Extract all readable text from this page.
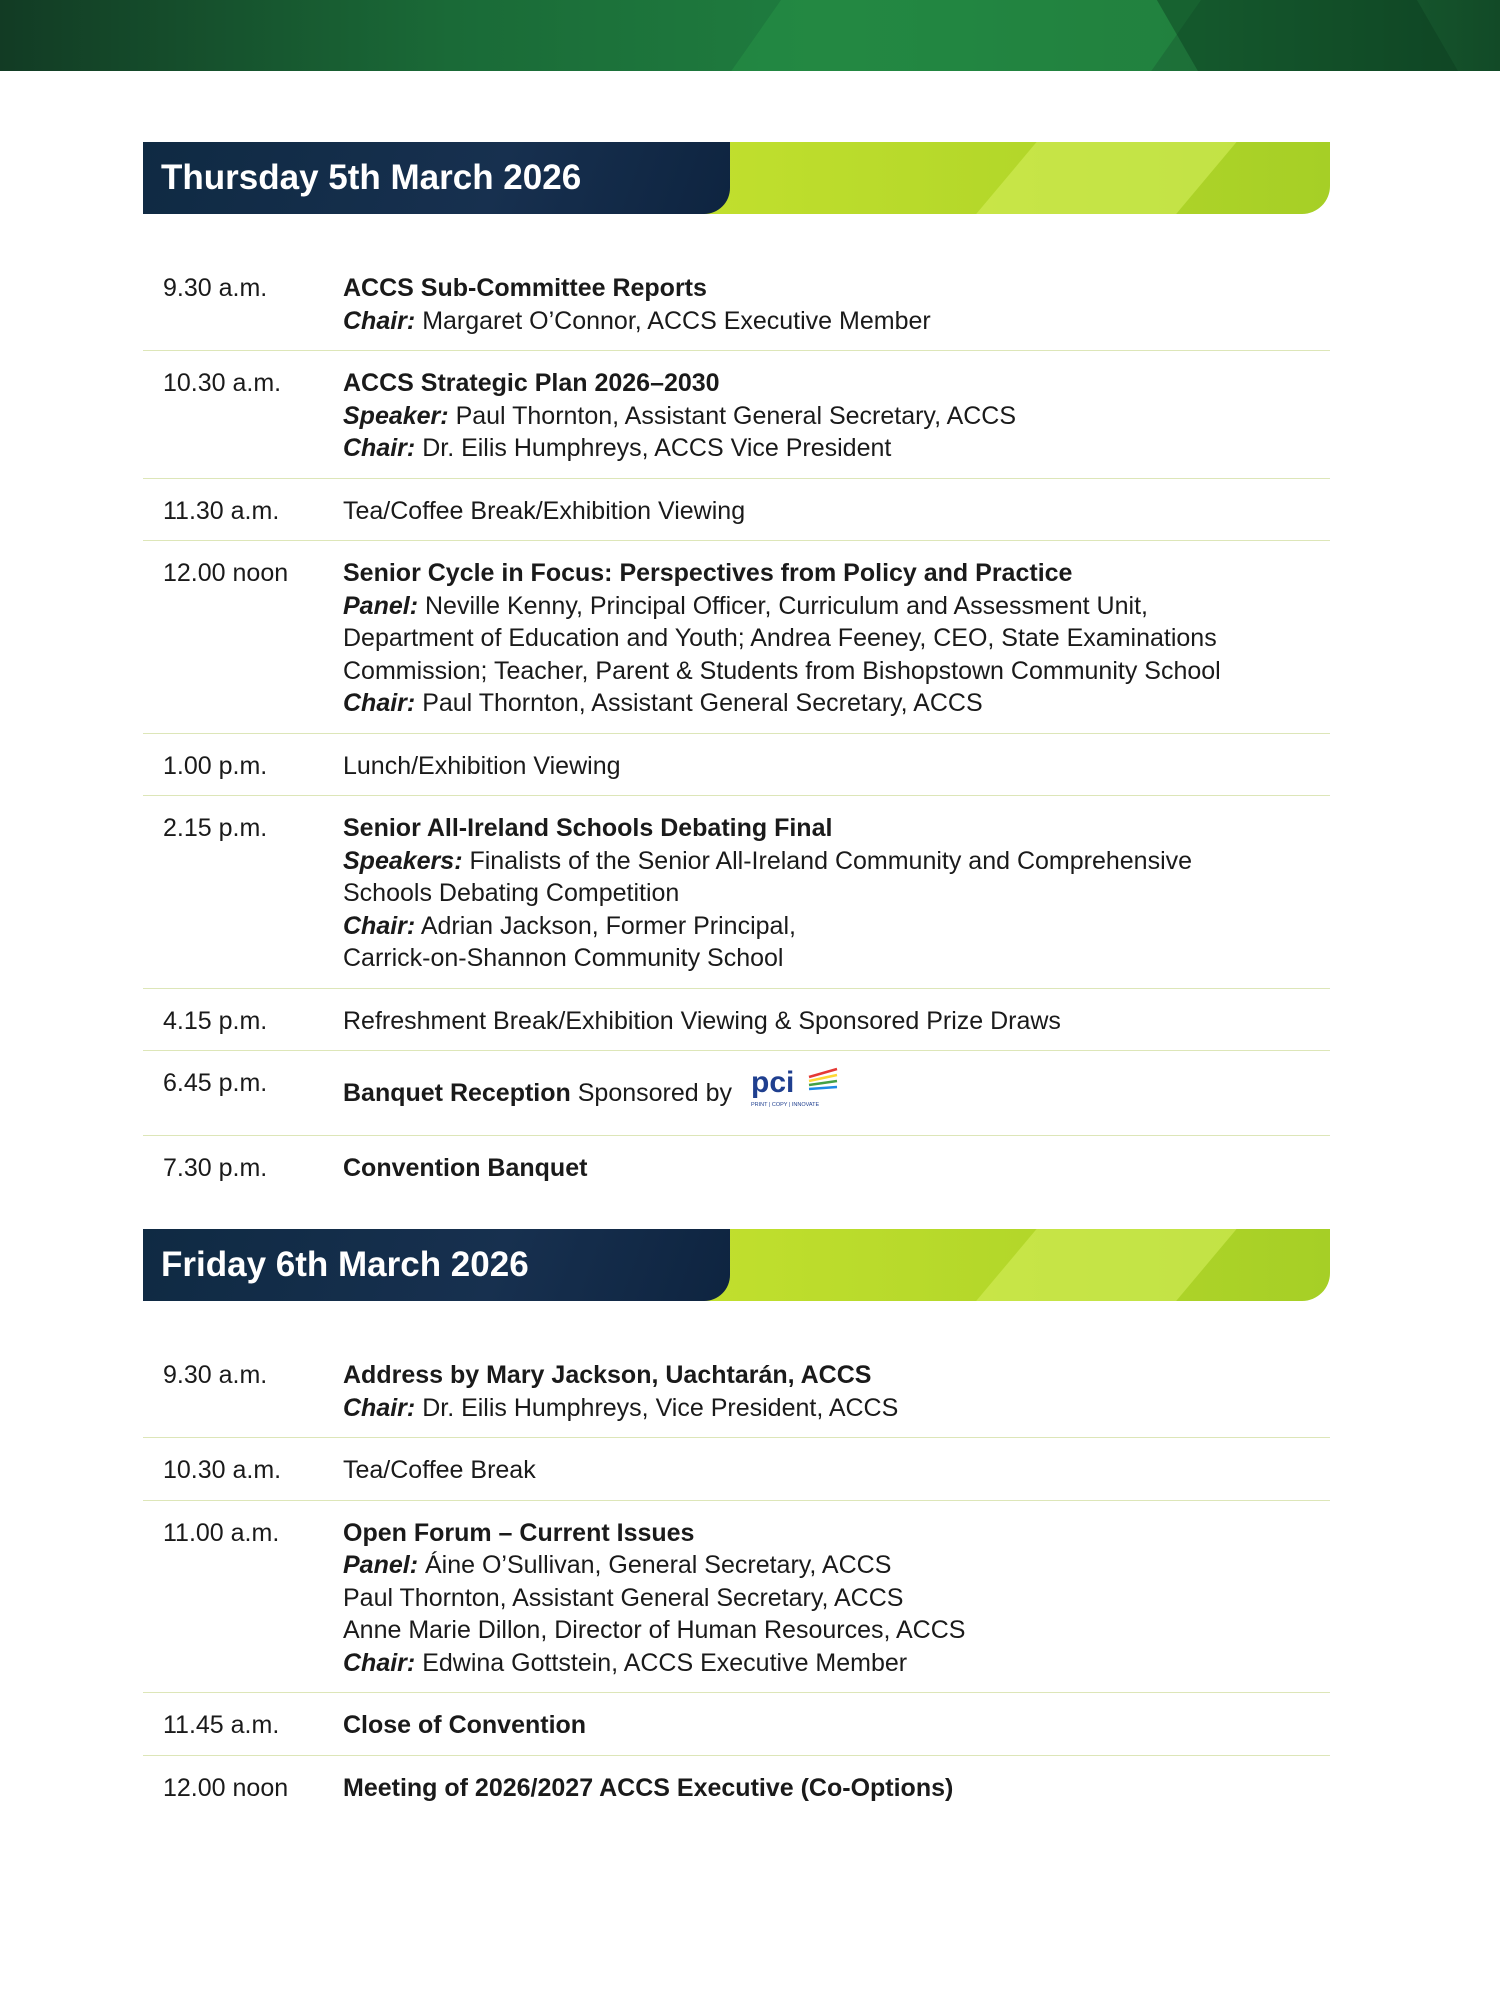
Thursday 5th March 2026
9.30 a.m.	ACCS Sub-Committee Reports
Chair: Margaret O’Connor, ACCS Executive Member
10.30 a.m.	ACCS Strategic Plan 2026–2030
Speaker: Paul Thornton, Assistant General Secretary, ACCS
Chair: Dr. Eilis Humphreys, ACCS Vice President
11.30 a.m.	Tea/Coffee Break/Exhibition Viewing
12.00 noon	Senior Cycle in Focus: Perspectives from Policy and Practice
Panel: Neville Kenny, Principal Officer, Curriculum and Assessment Unit,
Department of Education and Youth; Andrea Feeney, CEO, State Examinations
Commission; Teacher, Parent & Students from Bishopstown Community School
Chair: Paul Thornton, Assistant General Secretary, ACCS
1.00 p.m.	Lunch/Exhibition Viewing
2.15 p.m.	Senior All-Ireland Schools Debating Final
Speakers: Finalists of the Senior All-Ireland Community and Comprehensive
Schools Debating Competition
Chair: Adrian Jackson, Former Principal,
Carrick-on-Shannon Community School
4.15 p.m.	Refreshment Break/Exhibition Viewing & Sponsored Prize Draws
6.45 p.m.	Banquet Reception Sponsored by pci
PRINT | COPY | INNOVATE
7.30 p.m.	Convention Banquet
Friday 6th March 2026
9.30 a.m.	Address by Mary Jackson, Uachtarán, ACCS
Chair: Dr. Eilis Humphreys, Vice President, ACCS
10.30 a.m.	Tea/Coffee Break
11.00 a.m.	Open Forum – Current Issues
Panel: Áine O’Sullivan, General Secretary, ACCS
Paul Thornton, Assistant General Secretary, ACCS
Anne Marie Dillon, Director of Human Resources, ACCS
Chair: Edwina Gottstein, ACCS Executive Member
11.45 a.m.	Close of Convention
12.00 noon	Meeting of 2026/2027 ACCS Executive (Co-Options)
